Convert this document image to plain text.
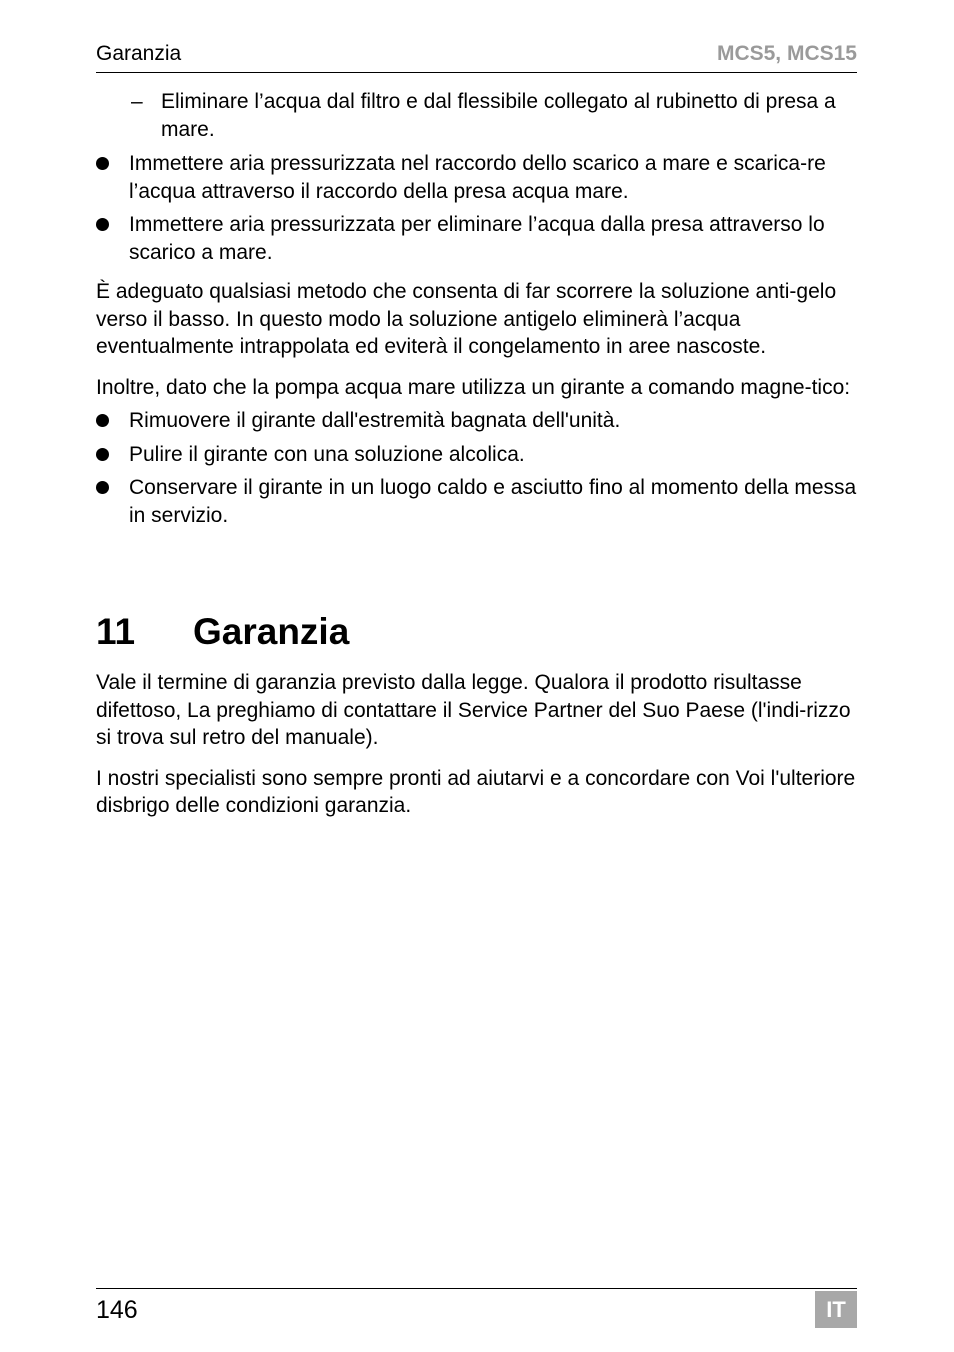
Garanzia	MCS5, MCS15
– Eliminare l’acqua dal filtro e dal flessibile collegato al rubinetto di presa a mare.
Immettere aria pressurizzata nel raccordo dello scarico a mare e scarica-re l’acqua attraverso il raccordo della presa acqua mare.
Immettere aria pressurizzata per eliminare l’acqua dalla presa attraverso lo scarico a mare.

È adeguato qualsiasi metodo che consenta di far scorrere la soluzione anti-gelo verso il basso. In questo modo la soluzione antigelo eliminerà l’acqua eventualmente intrappolata ed eviterà il congelamento in aree nascoste.

Inoltre, dato che la pompa acqua mare utilizza un girante a comando magne-tico:

Rimuovere il girante dall'estremità bagnata dell'unità.
Pulire il girante con una soluzione alcolica.
Conservare il girante in un luogo caldo e asciutto fino al momento della messa in servizio.
11 Garanzia

Vale il termine di garanzia previsto dalla legge. Qualora il prodotto risultasse difettoso, La preghiamo di contattare il Service Partner del Suo Paese (l'indi-rizzo si trova sul retro del manuale).

I nostri specialisti sono sempre pronti ad aiutarvi e a concordare con Voi l'ulteriore disbrigo delle condizioni garanzia.

146	IT
